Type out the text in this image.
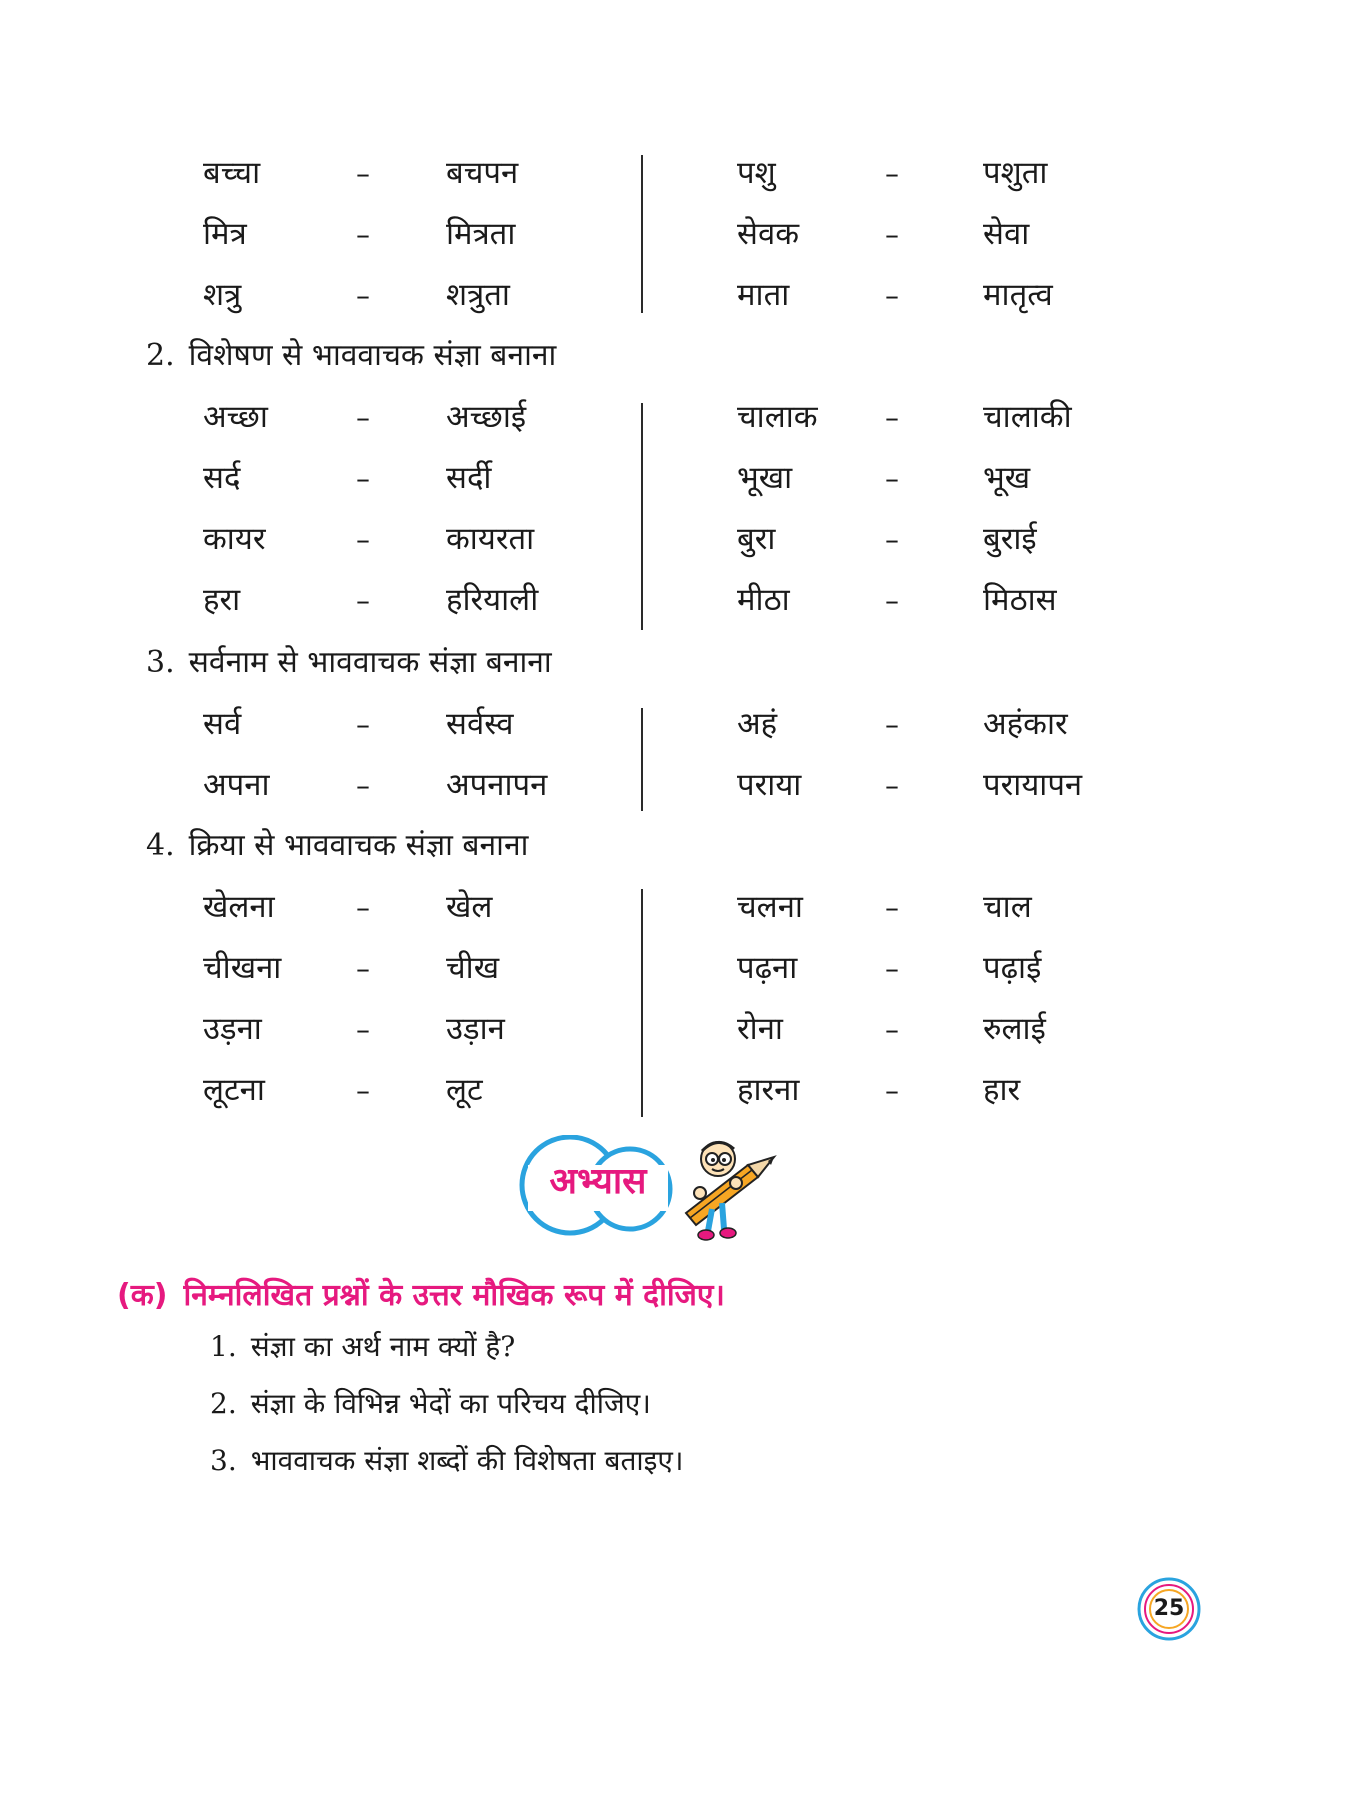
बच्चा	– बचपन	पशु	–	पशुता
मित्र	– मित्रता	सेवक	–	सेवा
शत्रु	– शत्रुता	माता	–	मातृत्व
2. विशेषण से भाववाचक संज्ञा बनाना
अच्छा	– अच्छाई	चालाक –	चालाकी
सर्द	– सर्दी	भूखा	–	भूख
कायर	– कायरता	बुरा	–	बुराई
हरा	– हरियाली	मीठा	–	मिठास
3. सर्वनाम से भाववाचक संज्ञा बनाना
सर्व	– सर्वस्व	अहं	–	अहंकार
अपना	– अपनापन	पराया	–	परायापन
4. क्रिया से भाववाचक संज्ञा बनाना
खेलना	– खेल	चलना	–	चाल
चीखना	– चीख	पढ़ना	–	पढ़ाई
उड़ना	– उड़ान	रोना	–	रुलाई
लूटना	– लूट	हारना	–	हार
अभ्यास
(क) निम्नलिखित प्रश्नों के उत्तर मौखिक रूप में दीजिए।
1. संज्ञा का अर्थ नाम क्यों है?
2. संज्ञा के विभिन्न भेदों का परिचय दीजिए।
3. भाववाचक संज्ञा शब्दों की विशेषता बताइए।
25
